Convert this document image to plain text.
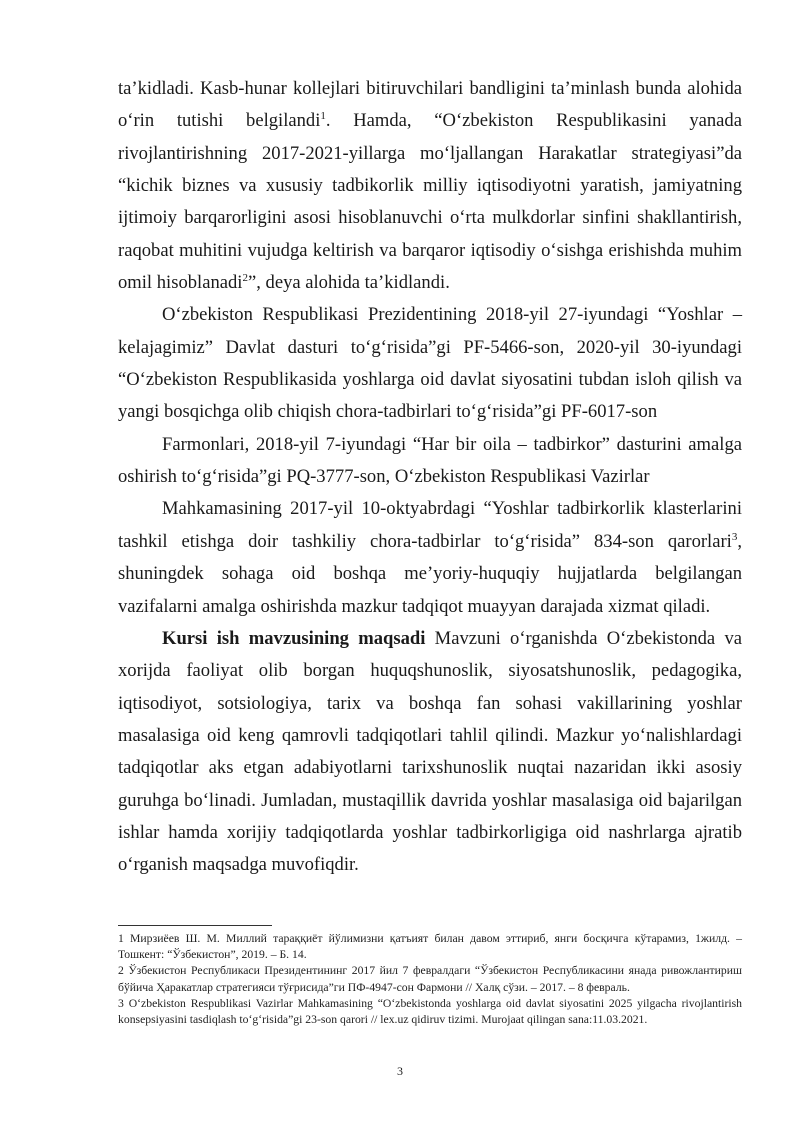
ta’kidladi. Kasb-hunar kollejlari bitiruvchilari bandligini ta’minlash bunda alohida o‘rin tutishi belgilandi$^1$. Hamda, “O‘zbekiston Respublikasini yanada rivojlantirishning 2017-2021-yillarga mo‘ljallangan Harakatlar strategiyasi”da “kichik biznes va xususiy tadbikorlik milliy iqtisodiyotni yaratish, jamiyatning ijtimoiy barqarorligini asosi hisoblanuvchi o‘rta mulkdorlar sinfini shakllantirish, raqobat muhitini vujudga keltirish va barqaror iqtisodiy o‘sishga erishishda muhim omil hisoblanadi$^2$”, deya alohida ta’kidlandi.

O‘zbekiston Respublikasi Prezidentining 2018-yil 27-iyundagi “Yoshlar – kelajagimiz” Davlat dasturi to‘g‘risida”gi PF-5466-son, 2020-yil 30-iyundagi “O‘zbekiston Respublikasida yoshlarga oid davlat siyosatini tubdan isloh qilish va yangi bosqichga olib chiqish chora-tadbirlari to‘g‘risida”gi PF-6017-son

Farmonlari, 2018-yil 7-iyundagi “Har bir oila – tadbirkor” dasturini amalga oshirish to‘g‘risida”gi PQ-3777-son, O‘zbekiston Respublikasi Vazirlar

Mahkamasining 2017-yil 10-oktyabrdagi “Yoshlar tadbirkorlik klasterlarini tashkil etishga doir tashkiliy chora-tadbirlar to‘g‘risida” 834-son qarorlari$^3$, shuningdek sohaga oid boshqa me’yoriy-huquqiy hujjatlarda belgilangan vazifalarni amalga oshirishda mazkur tadqiqot muayyan darajada xizmat qiladi.

Kursi ish mavzusining maqsadi Mavzuni o‘rganishda O‘zbekistonda va xorijda faoliyat olib borgan huquqshunoslik, siyosatshunoslik, pedagogika, iqtisodiyot, sotsiologiya, tarix va boshqa fan sohasi vakillarining yoshlar masalasiga oid keng qamrovli tadqiqotlari tahlil qilindi. Mazkur yo‘nalishlardagi tadqiqotlar aks etgan adabiyotlarni tarixshunoslik nuqtai nazaridan ikki asosiy guruhga bo‘linadi. Jumladan, mustaqillik davrida yoshlar masalasiga oid bajarilgan ishlar hamda xorijiy tadqiqotlarda yoshlar tadbirkorligiga oid nashrlarga ajratib o‘rganish maqsadga muvofiqdir.

1 Мирзиёев Ш. М. Миллий тараққиёт йўлимизни қатъият билан давом эттириб, янги босқичга кўтарамиз, 1жилд. – Тошкент: “Ўзбекистон”, 2019. – Б. 14.

2 Ўзбекистон Республикаси Президентининг 2017 йил 7 февралдаги “Ўзбекистон Республикасини янада ривожлантириш бўйича Ҳаракатлар стратегияси тўғрисида”ги ПФ-4947-сон Фармони // Халқ сўзи. – 2017. – 8 февраль.

3 O‘zbekiston Respublikasi Vazirlar Mahkamasining “O‘zbekistonda yoshlarga oid davlat siyosatini 2025 yilgacha rivojlantirish konsepsiyasini tasdiqlash to‘g‘risida”gi 23-son qarori // lex.uz qidiruv tizimi. Murojaat qilingan sana:11.03.2021.

3
